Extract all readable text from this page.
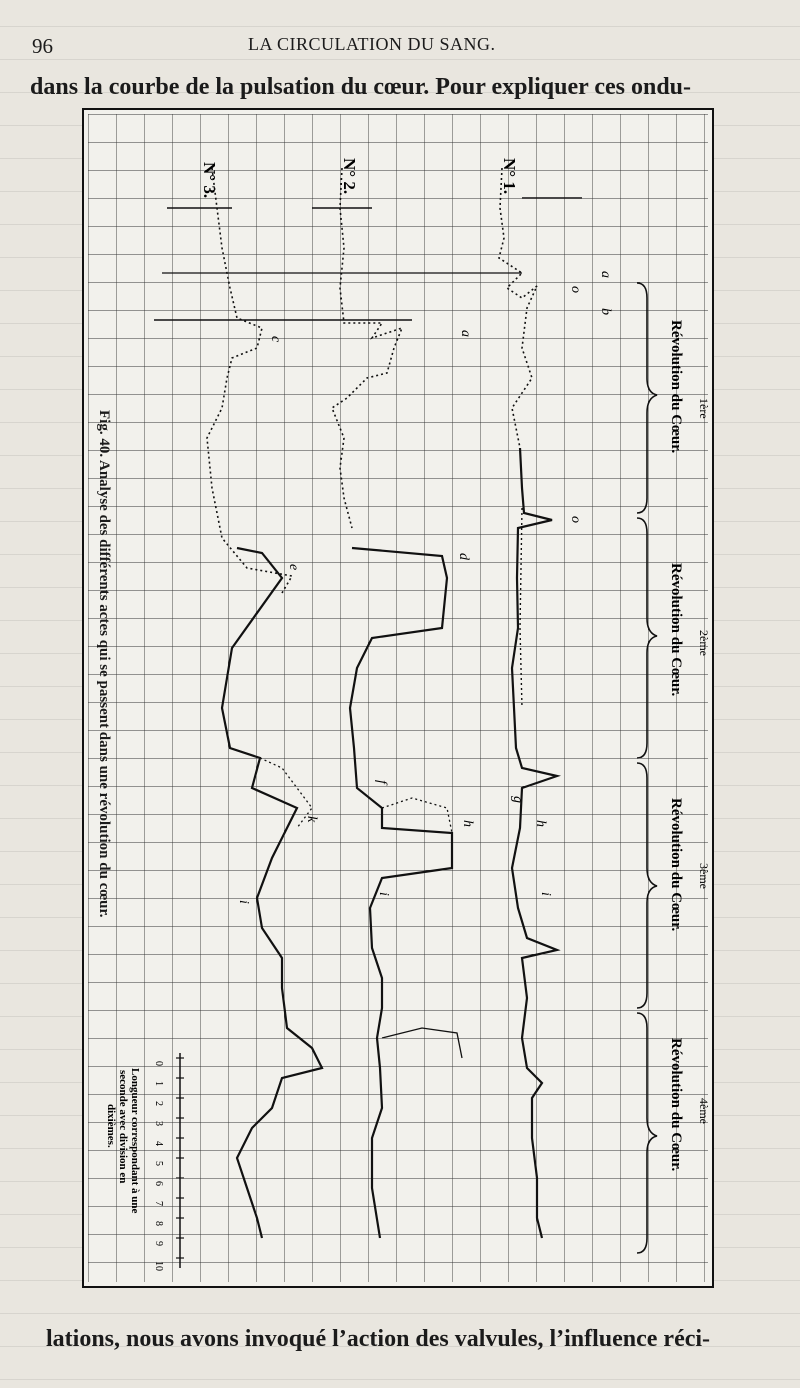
96	LA CIRCULATION DU SANG.
dans la courbe de la pulsation du cœur. Pour expliquer ces ondu-
N° 1.
N° 2.
N° 3.
a
b
o
a
c
o
d
e
g
h
f
h
k
i
i
i
1ère
Révolution du Cœur.
2ème
Révolution du Cœur.
3ème
Révolution du Cœur.
4ème
Révolution du Cœur.
0
1
2
3
4
5
6
7
8
9
10
Longueur correspondant à une
seconde avec division en
dixièmes.
Fig. 40. Analyse des différents actes qui se passent dans une révolution du cœur.
lations, nous avons invoqué l’action des valvules, l’influence réci-
